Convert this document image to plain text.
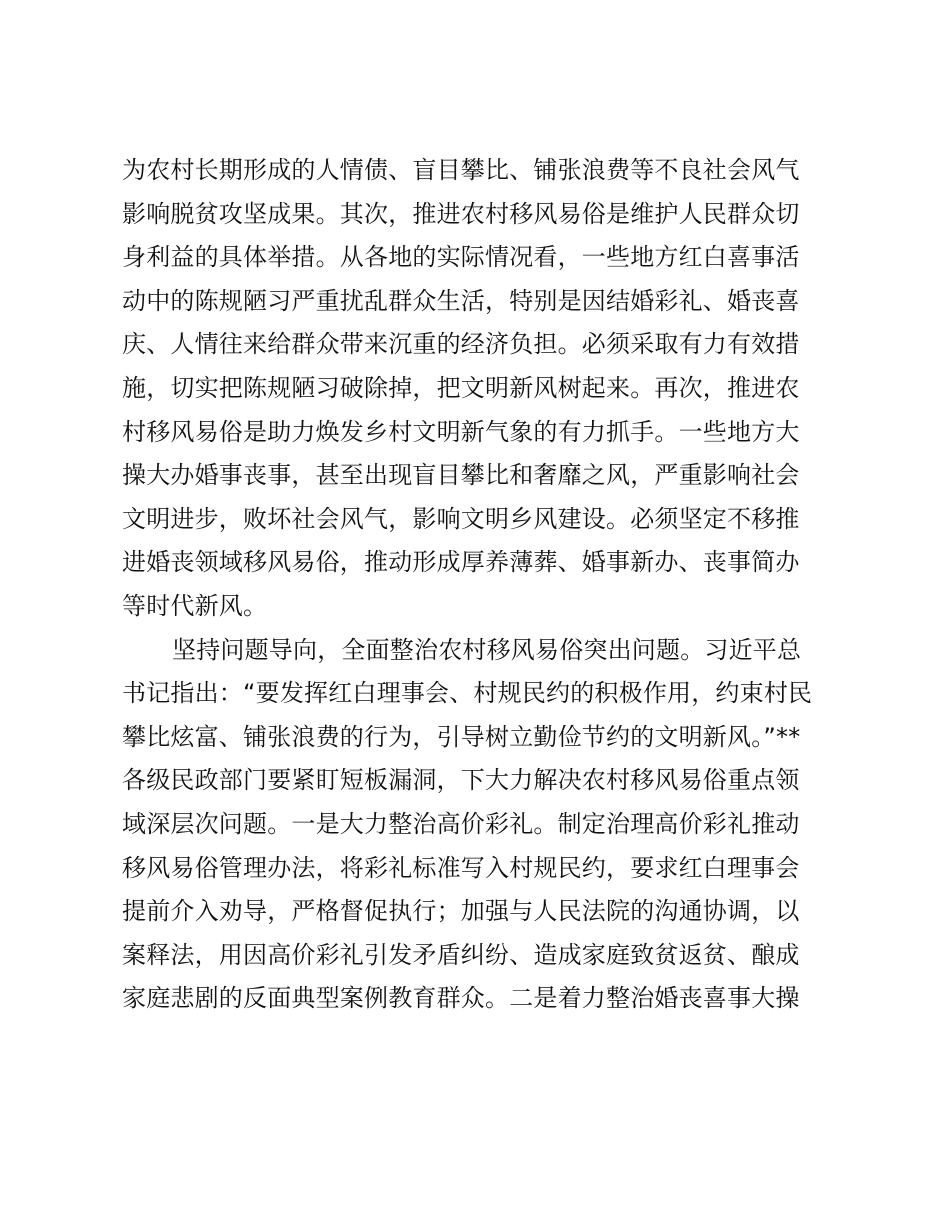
为农村长期形成的人情债、盲目攀比、铺张浪费等不良社会风气
影响脱贫攻坚成果。其次，推进农村移风易俗是维护人民群众切
身利益的具体举措。从各地的实际情况看，一些地方红白喜事活
动中的陈规陋习严重扰乱群众生活，特别是因结婚彩礼、婚丧喜
庆、人情往来给群众带来沉重的经济负担。必须采取有力有效措
施，切实把陈规陋习破除掉，把文明新风树起来。再次，推进农
村移风易俗是助力焕发乡村文明新气象的有力抓手。一些地方大
操大办婚事丧事，甚至出现盲目攀比和奢靡之风，严重影响社会
文明进步，败坏社会风气，影响文明乡风建设。必须坚定不移推
进婚丧领域移风易俗，推动形成厚养薄葬、婚事新办、丧事简办
等时代新风。
坚持问题导向，全面整治农村移风易俗突出问题。习近平总
书记指出：“要发挥红白理事会、村规民约的积极作用，约束村民
攀比炫富、铺张浪费的行为，引导树立勤俭节约的文明新风。”**
各级民政部门要紧盯短板漏洞，下大力解决农村移风易俗重点领
域深层次问题。一是大力整治高价彩礼。制定治理高价彩礼推动
移风易俗管理办法，将彩礼标准写入村规民约，要求红白理事会
提前介入劝导，严格督促执行；加强与人民法院的沟通协调，以
案释法，用因高价彩礼引发矛盾纠纷、造成家庭致贫返贫、酿成
家庭悲剧的反面典型案例教育群众。二是着力整治婚丧喜事大操
